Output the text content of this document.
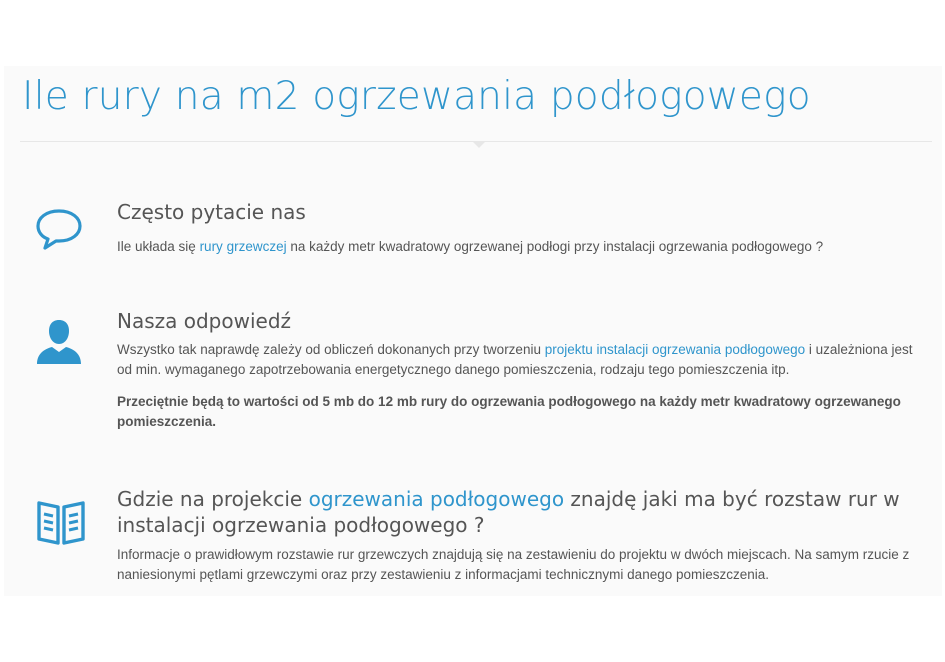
Ile rury na m2 ogrzewania podłogowego
Często pytacie nas

Ile układa się rury grzewczej na każdy metr kwadratowy ogrzewanej podłogi przy instalacji ogrzewania podłogowego ?

Nasza odpowiedź

Wszystko tak naprawdę zależy od obliczeń dokonanych przy tworzeniu projektu instalacji ogrzewania podłogowego i uzależniona jest od min. wymaganego zapotrzebowania energetycznego danego pomieszczenia, rodzaju tego pomieszczenia itp.

Przeciętnie będą to wartości od 5 mb do 12 mb rury do ogrzewania podłogowego na każdy metr kwadratowy ogrzewanego pomieszczenia.

Gdzie na projekcie ogrzewania podłogowego znajdę jaki ma być rozstaw rur w instalacji ogrzewania podłogowego ?

Informacje o prawidłowym rozstawie rur grzewczych znajdują się na zestawieniu do projektu w dwóch miejscach. Na samym rzucie z naniesionymi pętlami grzewczymi oraz przy zestawieniu z informacjami technicznymi danego pomieszczenia.
